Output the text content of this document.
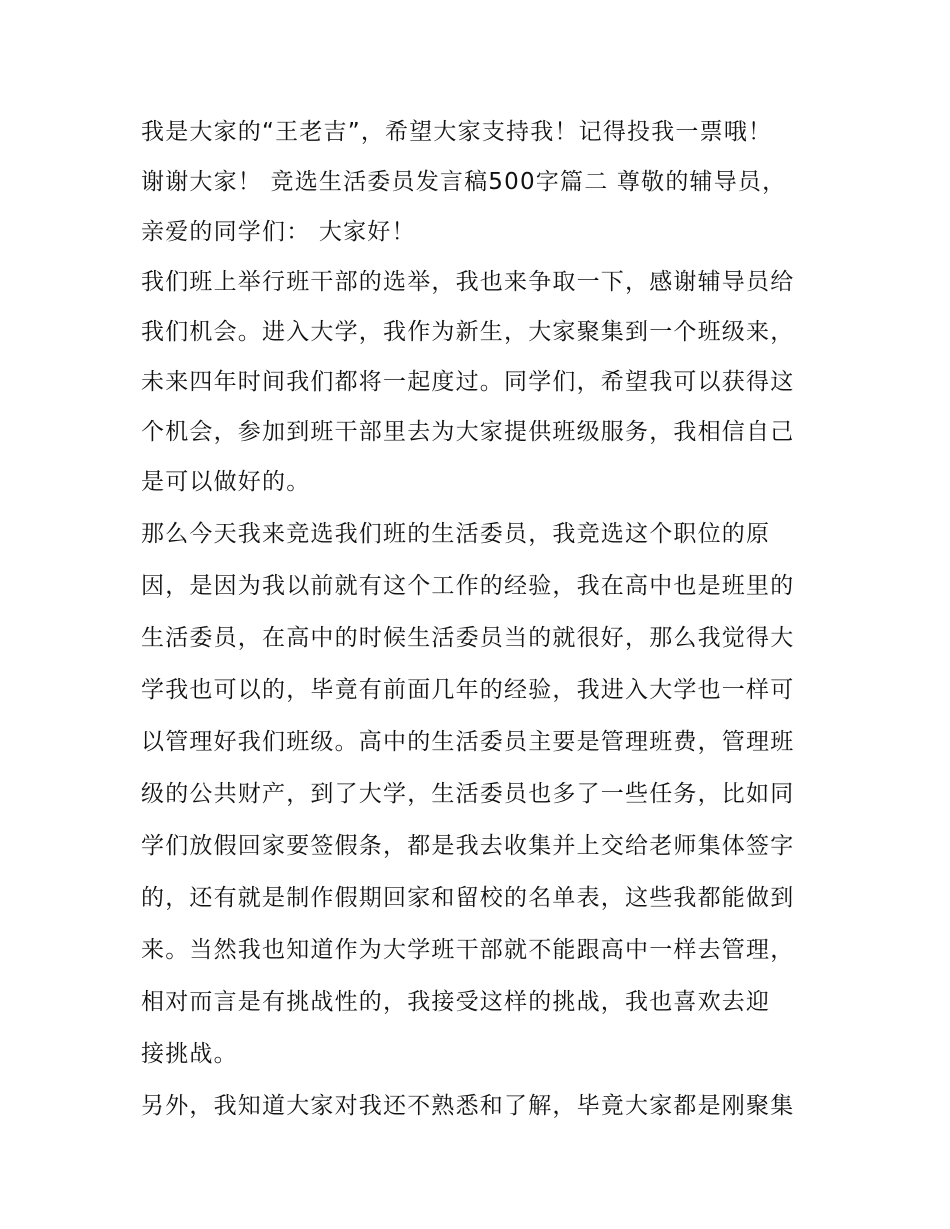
我是大家的“王老吉”，希望大家支持我！记得投我一票哦！
谢谢大家！ 竞选生活委员发言稿500字篇二 尊敬的辅导员，
亲爱的同学们： 大家好！
我们班上举行班干部的选举，我也来争取一下，感谢辅导员给
我们机会。进入大学，我作为新生，大家聚集到一个班级来，
未来四年时间我们都将一起度过。同学们，希望我可以获得这
个机会，参加到班干部里去为大家提供班级服务，我相信自己
是可以做好的。
那么今天我来竞选我们班的生活委员，我竞选这个职位的原
因，是因为我以前就有这个工作的经验，我在高中也是班里的
生活委员，在高中的时候生活委员当的就很好，那么我觉得大
学我也可以的，毕竟有前面几年的经验，我进入大学也一样可
以管理好我们班级。高中的生活委员主要是管理班费，管理班
级的公共财产，到了大学，生活委员也多了一些任务，比如同
学们放假回家要签假条，都是我去收集并上交给老师集体签字
的，还有就是制作假期回家和留校的名单表，这些我都能做到
来。当然我也知道作为大学班干部就不能跟高中一样去管理，
相对而言是有挑战性的，我接受这样的挑战，我也喜欢去迎
接挑战。
另外，我知道大家对我还不熟悉和了解，毕竟大家都是刚聚集
